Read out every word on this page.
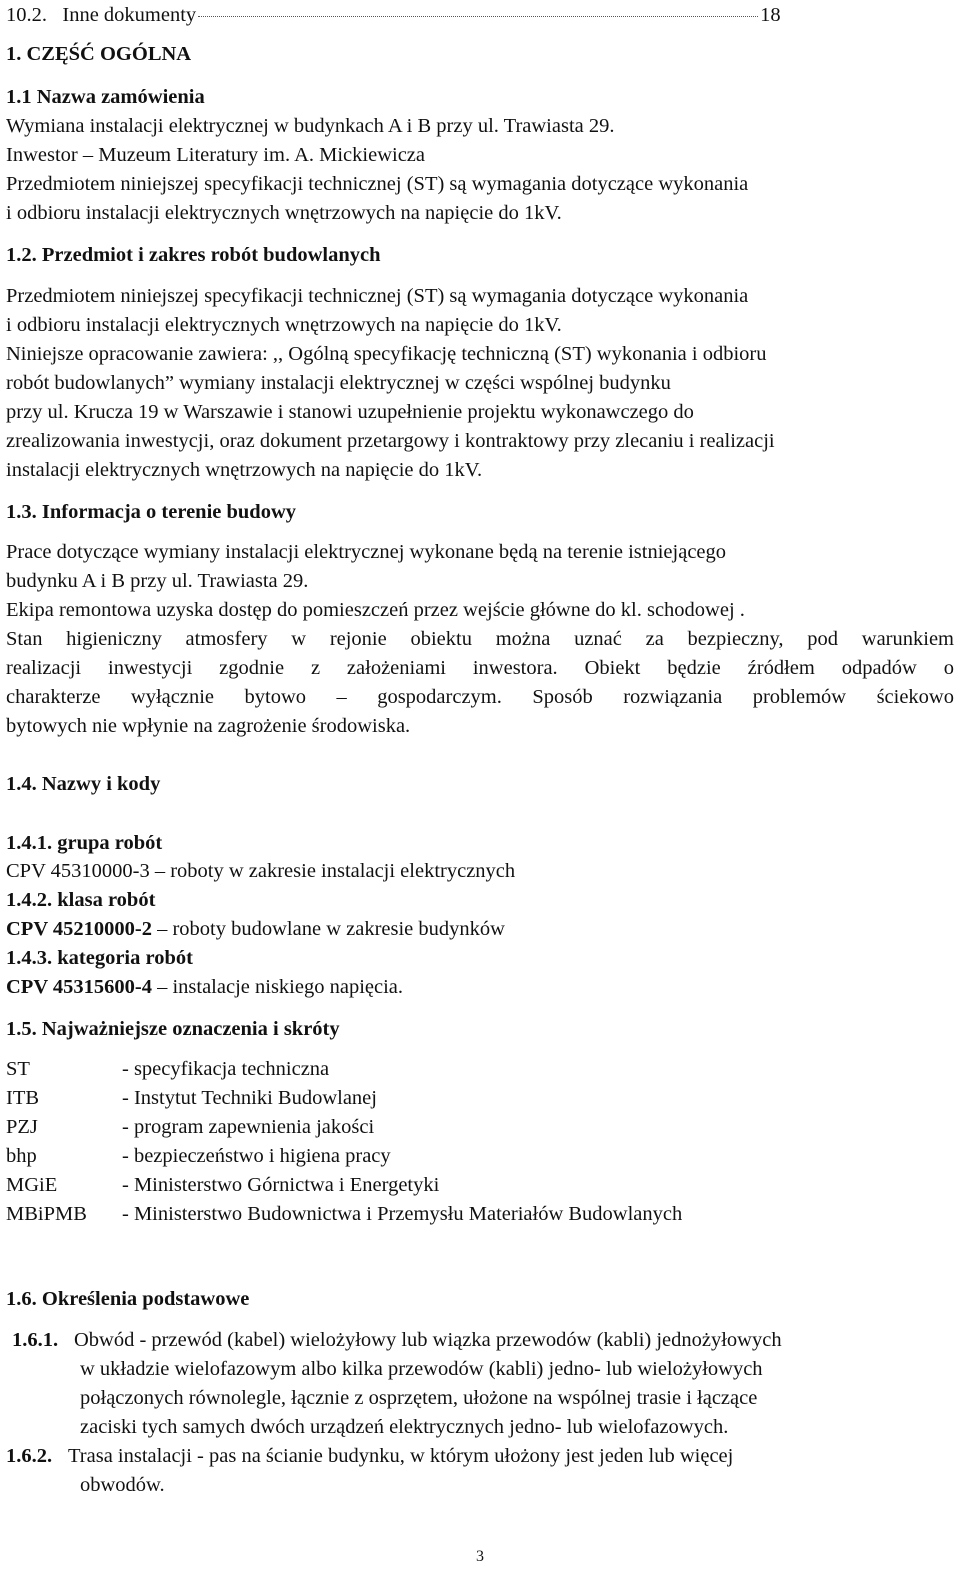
10.2. Inne dokumenty	18
1. CZĘŚĆ OGÓLNA
1.1 Nazwa zamówienia
Wymiana instalacji elektrycznej w budynkach A i B przy ul. Trawiasta 29.
Inwestor – Muzeum Literatury im. A. Mickiewicza
Przedmiotem niniejszej specyfikacji technicznej (ST) są wymagania dotyczące wykonania
i odbioru instalacji elektrycznych wnętrzowych na napięcie do 1kV.
1.2. Przedmiot i zakres robót budowlanych
Przedmiotem niniejszej specyfikacji technicznej (ST) są wymagania dotyczące wykonania
i odbioru instalacji elektrycznych wnętrzowych na napięcie do 1kV.
Niniejsze opracowanie zawiera: ,, Ogólną specyfikację techniczną (ST) wykonania i odbioru
robót budowlanych” wymiany instalacji elektrycznej w części wspólnej budynku
przy ul. Krucza 19 w Warszawie i stanowi uzupełnienie projektu wykonawczego do
zrealizowania inwestycji, oraz dokument przetargowy i kontraktowy przy zlecaniu i realizacji
instalacji elektrycznych wnętrzowych na napięcie do 1kV.
1.3. Informacja o terenie budowy
Prace dotyczące wymiany instalacji elektrycznej wykonane będą na terenie istniejącego
budynku A i B przy ul. Trawiasta 29.
Ekipa remontowa uzyska dostęp do pomieszczeń przez wejście główne do kl. schodowej .
Stan higieniczny atmosfery w rejonie obiektu można uznać za bezpieczny, pod warunkiem
realizacji inwestycji zgodnie z założeniami inwestora. Obiekt będzie źródłem odpadów o
charakterze wyłącznie bytowo – gospodarczym. Sposób rozwiązania problemów ściekowo
bytowych nie wpłynie na zagrożenie środowiska.
1.4. Nazwy i kody
1.4.1. grupa robót
CPV 45310000-3 – roboty w zakresie instalacji elektrycznych
1.4.2. klasa robót
CPV 45210000-2 – roboty budowlane w zakresie budynków
1.4.3. kategoria robót
CPV 45315600-4 – instalacje niskiego napięcia.
1.5. Najważniejsze oznaczenia i skróty
ST	- specyfikacja techniczna
ITB	- Instytut Techniki Budowlanej
PZJ	- program zapewnienia jakości
bhp	- bezpieczeństwo i higiena pracy
MGiE	- Ministerstwo Górnictwa i Energetyki
MBiPMB - Ministerstwo Budownictwa i Przemysłu Materiałów Budowlanych
1.6. Określenia podstawowe
1.6.1. Obwód - przewód (kabel) wielożyłowy lub wiązka przewodów (kabli) jednożyłowych
w układzie wielofazowym albo kilka przewodów (kabli) jedno- lub wielożyłowych
połączonych równolegle, łącznie z osprzętem, ułożone na wspólnej trasie i łączące
zaciski tych samych dwóch urządzeń elektrycznych jedno- lub wielofazowych.
1.6.2. Trasa instalacji - pas na ścianie budynku, w którym ułożony jest jeden lub więcej
obwodów.
3
